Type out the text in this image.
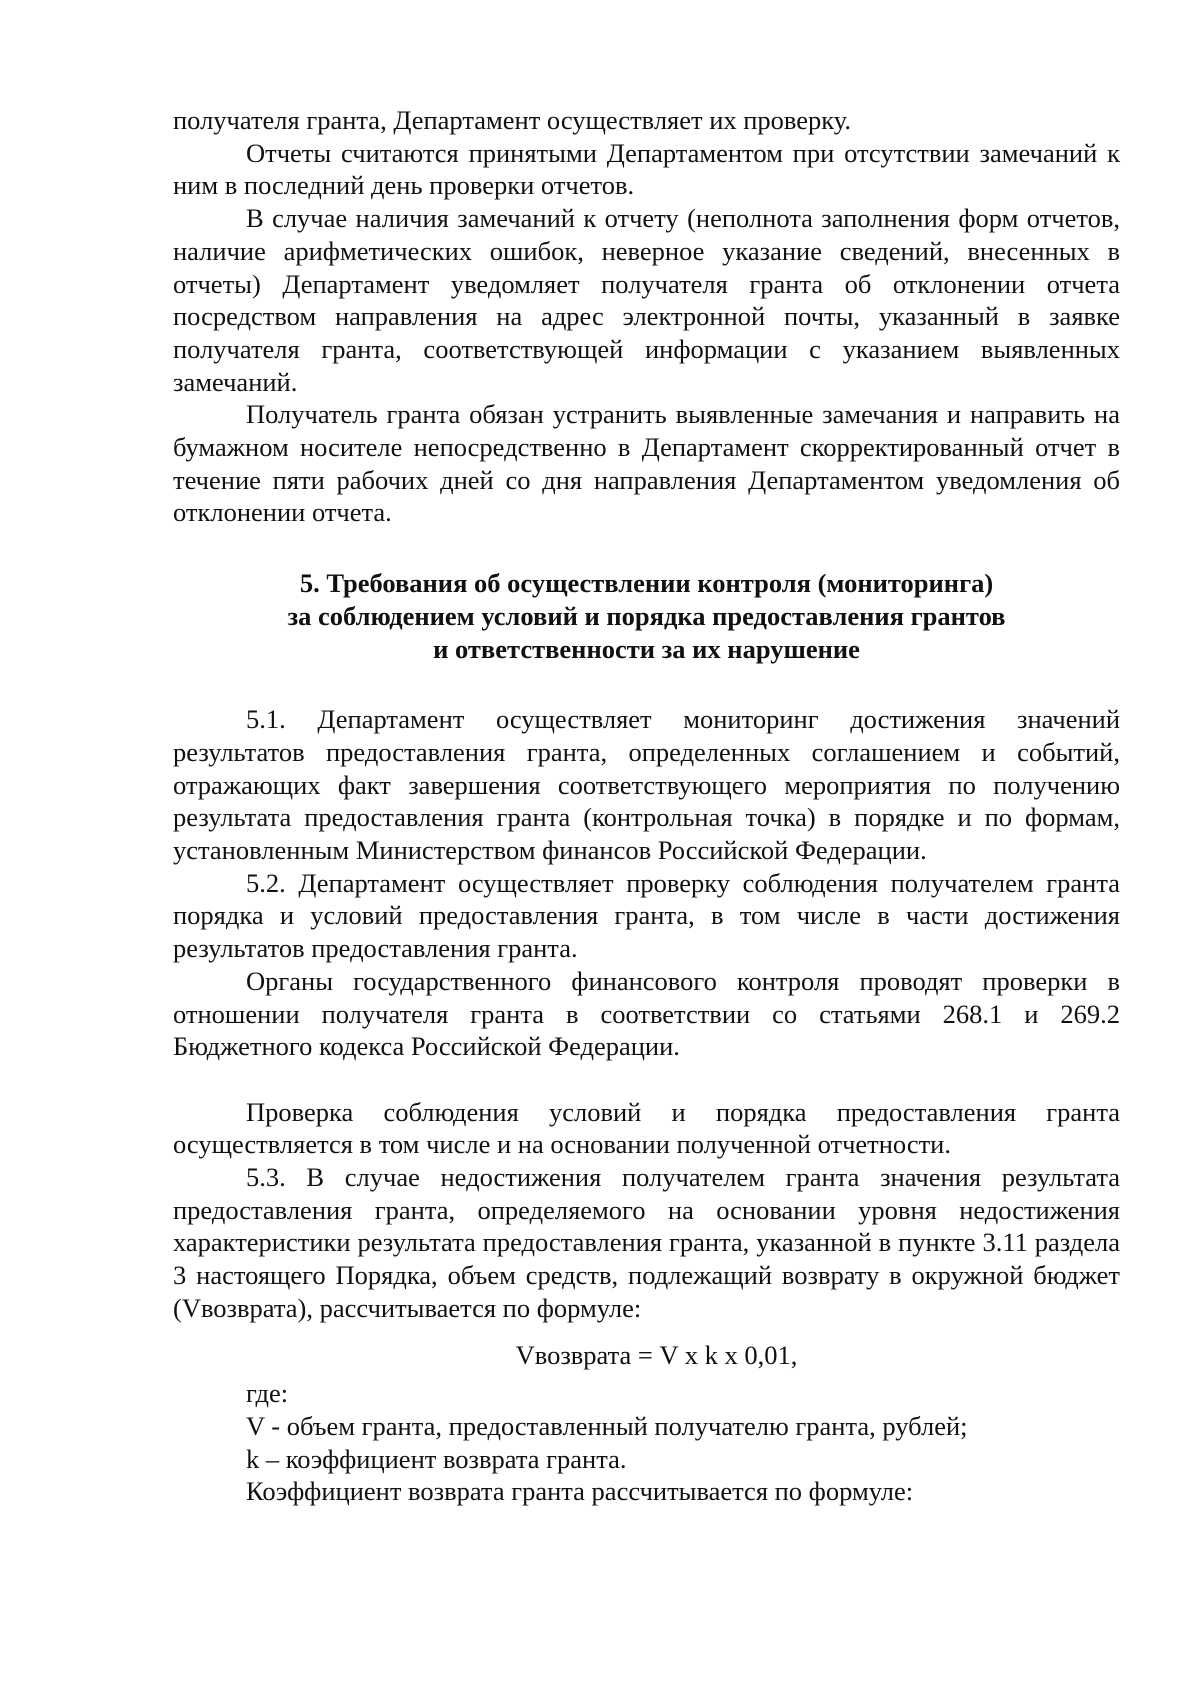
получателя гранта, Департамент осуществляет их проверку.

Отчеты считаются принятыми Департаментом при отсутствии замечаний к ним в последний день проверки отчетов.

В случае наличия замечаний к отчету (неполнота заполнения форм отчетов, наличие арифметических ошибок, неверное указание сведений, внесенных в отчеты) Департамент уведомляет получателя гранта об отклонении отчета посредством направления на адрес электронной почты, указанный в заявке получателя гранта, соответствующей информации с указанием выявленных замечаний.

Получатель гранта обязан устранить выявленные замечания и направить на бумажном носителе непосредственно в Департамент скорректированный отчет в течение пяти рабочих дней со дня направления Департаментом уведомления об отклонении отчета.

5. Требования об осуществлении контроля (мониторинга)

за соблюдением условий и порядка предоставления грантов

и ответственности за их нарушение

5.1. Департамент осуществляет мониторинг достижения значений результатов предоставления гранта, определенных соглашением и событий, отражающих факт завершения соответствующего мероприятия по получению результата предоставления гранта (контрольная точка) в порядке и по формам, установленным Министерством финансов Российской Федерации.

5.2. Департамент осуществляет проверку соблюдения получателем гранта порядка и условий предоставления гранта, в том числе в части достижения результатов предоставления гранта.

Органы государственного финансового контроля проводят проверки в отношении получателя гранта в соответствии со статьями 268.1 и 269.2 Бюджетного кодекса Российской Федерации.

Проверка соблюдения условий и порядка предоставления гранта осуществляется в том числе и на основании полученной отчетности.

5.3. В случае недостижения получателем гранта значения результата предоставления гранта, определяемого на основании уровня недостижения характеристики результата предоставления гранта, указанной в пункте 3.11 раздела 3 настоящего Порядка, объем средств, подлежащий возврату в окружной бюджет (Vвозврата), рассчитывается по формуле:

Vвозврата = V x k x 0,01,

где:

V - объем гранта, предоставленный получателю гранта, рублей;

k – коэффициент возврата гранта.

Коэффициент возврата гранта рассчитывается по формуле:
